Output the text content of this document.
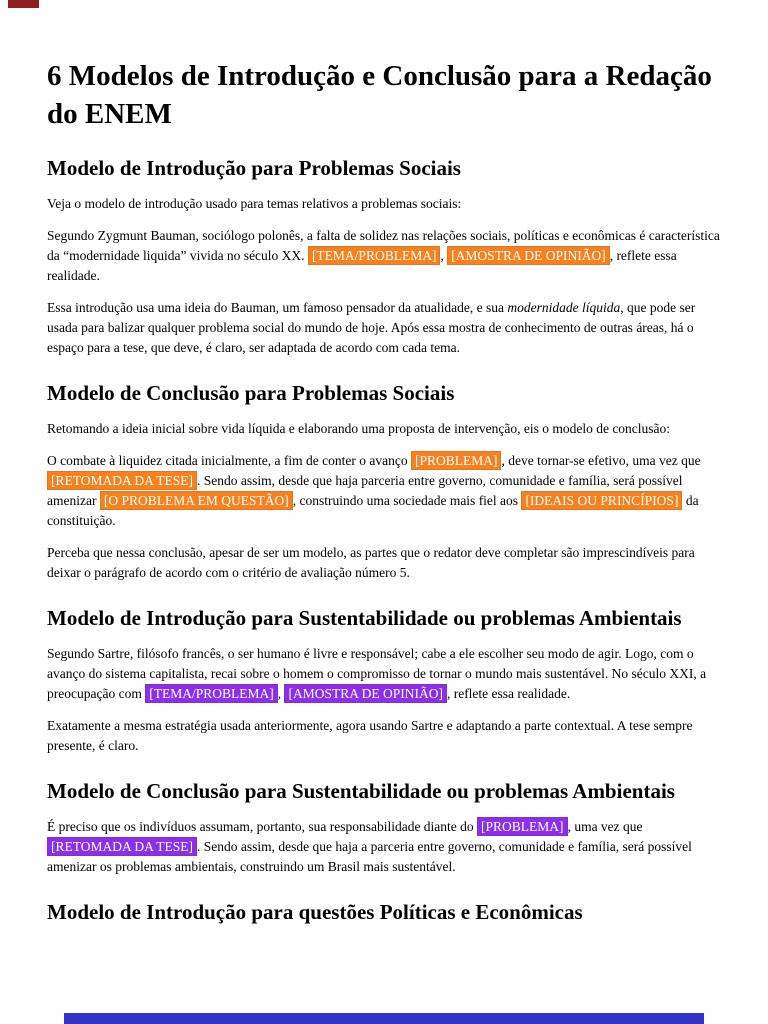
6 Modelos de Introdução e Conclusão para a Redação do ENEM
Modelo de Introdução para Problemas Sociais

Veja o modelo de introdução usado para temas relativos a problemas sociais:

Segundo Zygmunt Bauman, sociólogo polonês, a falta de solidez nas relações sociais, políticas e econômicas é característica da “modernidade liquida” vivida no século XX. [TEMA/PROBLEMA] , [AMOSTRA DE OPINIÃO] , reflete essa realidade.

Essa introdução usa uma ideia do Bauman, um famoso pensador da atualidade, e sua modernidade líquida, que pode ser usada para balizar qualquer problema social do mundo de hoje. Após essa mostra de conhecimento de outras áreas, há o espaço para a tese, que deve, é claro, ser adaptada de acordo com cada tema.

Modelo de Conclusão para Problemas Sociais

Retomando a ideia inicial sobre vida líquida e elaborando uma proposta de intervenção, eis o modelo de conclusão:

O combate à liquidez citada inicialmente, a fim de conter o avanço [PROBLEMA] , deve tornar-se efetivo, uma vez que [RETOMADA DA TESE] . Sendo assim, desde que haja parceria entre governo, comunidade e família, será possível amenizar [O PROBLEMA EM QUESTÃO] , construindo uma sociedade mais fiel aos [IDEAIS OU PRINCÍPIOS] da constituição.

Perceba que nessa conclusão, apesar de ser um modelo, as partes que o redator deve completar são imprescindíveis para deixar o parágrafo de acordo com o critério de avaliação número 5.

Modelo de Introdução para Sustentabilidade ou problemas Ambientais

Segundo Sartre, filósofo francês, o ser humano é livre e responsável; cabe a ele escolher seu modo de agir. Logo, com o avanço do sistema capitalista, recai sobre o homem o compromisso de tornar o mundo mais sustentável. No século XXI, a preocupação com [TEMA/PROBLEMA] , [AMOSTRA DE OPINIÃO] , reflete essa realidade.

Exatamente a mesma estratégia usada anteriormente, agora usando Sartre e adaptando a parte contextual. A tese sempre presente, é claro.

Modelo de Conclusão para Sustentabilidade ou problemas Ambientais

É preciso que os indivíduos assumam, portanto, sua responsabilidade diante do [PROBLEMA] , uma vez que [RETOMADA DA TESE] . Sendo assim, desde que haja a parceria entre governo, comunidade e família, será possível amenizar os problemas ambientais, construindo um Brasil mais sustentável.

Modelo de Introdução para questões Políticas e Econômicas
